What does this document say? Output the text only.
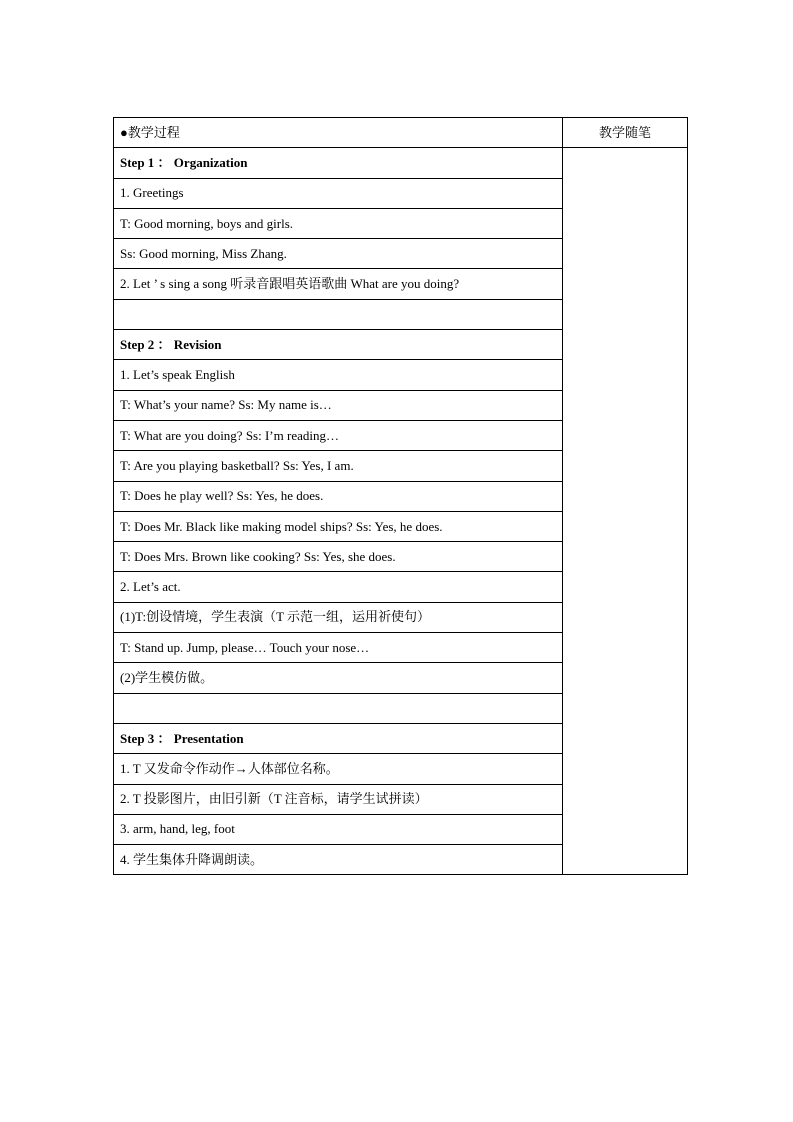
●教学过程	教学随笔
Step 1 ： Organization	
1. Greetings	
T: Good morning, boys and girls.	
Ss: Good morning, Miss Zhang.	
2. Let ’ s sing a song 听录音跟唱英语歌曲 What are you doing?	

Step 2 ： Revision	
1. Let’s speak English	
T: What’s your name? Ss: My name is…	
T: What are you doing? Ss: I’m reading…	
T: Are you playing basketball? Ss: Yes, I am.	
T: Does he play well? Ss: Yes, he does.	
T: Does Mr. Black like making model ships? Ss: Yes, he does.	
T: Does Mrs. Brown like cooking? Ss: Yes, she does.	
2. Let’s act.	
(1)T:创设情境，学生表演（T 示范一组，运用祈使句）	
T: Stand up. Jump, please… Touch your nose…	
(2)学生模仿做。	

Step 3 ： Presentation	
1. T 又发命令作动作→人体部位名称。	
2. T 投影图片，由旧引新（T 注音标，请学生试拼读）	
3. arm, hand, leg, foot	
4. 学生集体升降调朗读。	
